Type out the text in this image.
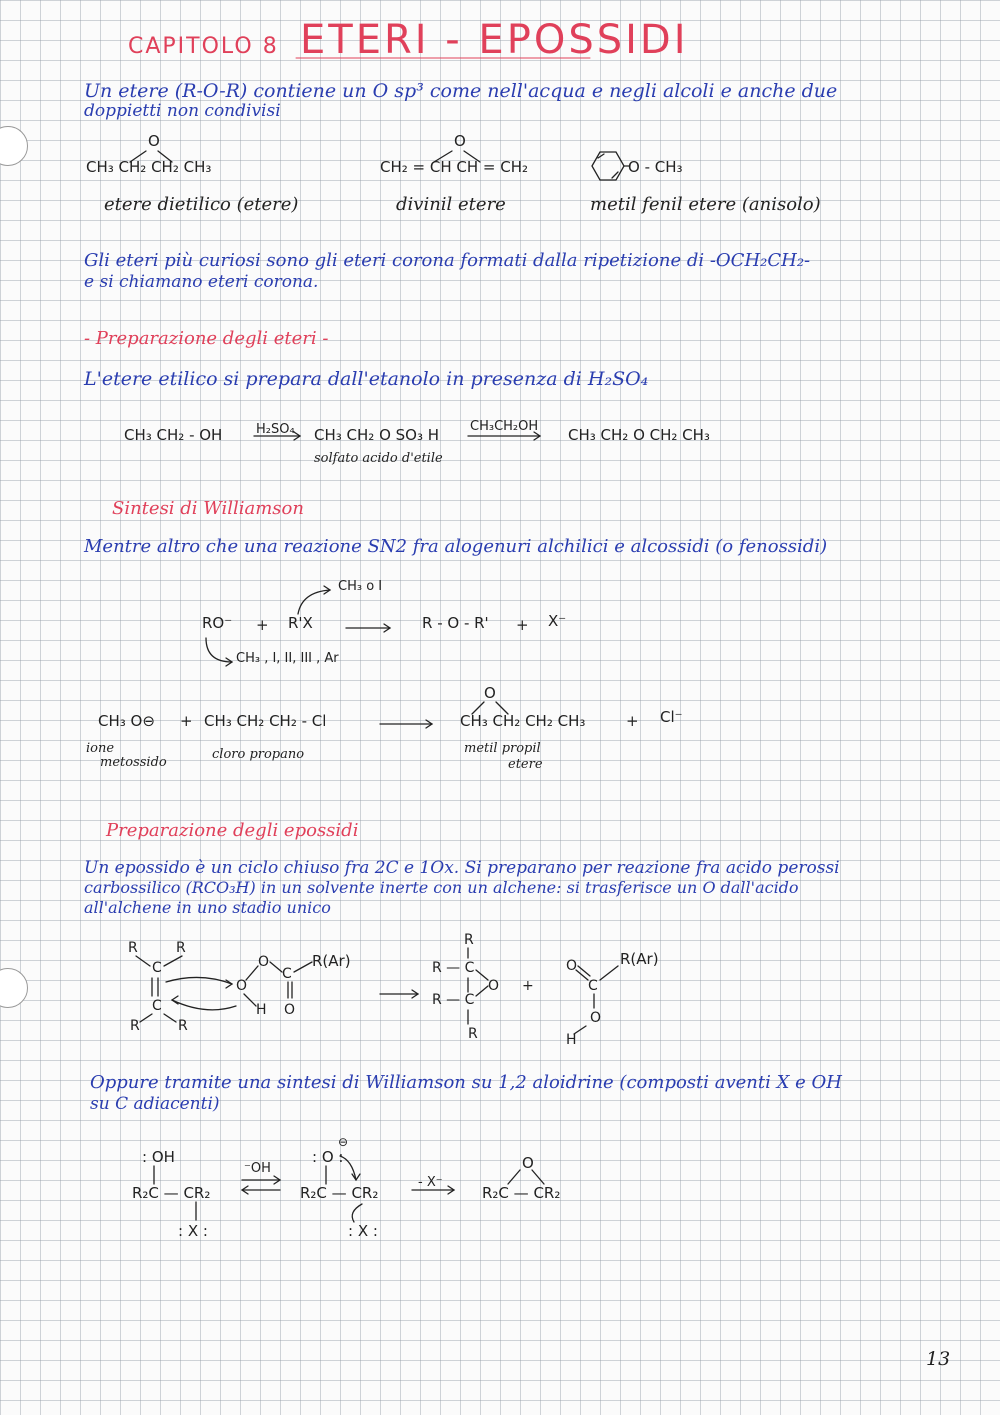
CAPITOLO 8 ETERI - EPOSSIDI
Un etere (R-O-R) contiene un O sp³ come nell'acqua e negli alcoli e anche due
doppietti non condivisi
O
CH₃ CH₂ CH₂ CH₃
etere dietilico (etere)
O
CH₂ = CH CH = CH₂
divinil etere
O - CH₃
metil fenil etere (anisolo)
Gli eteri più curiosi sono gli eteri corona formati dalla ripetizione di -OCH₂CH₂-
e si chiamano eteri corona.
- Preparazione degli eteri -
L'etere etilico si prepara dall'etanolo in presenza di H₂SO₄
CH₃ CH₂ - OH	H₂SO₄ CH₃ CH₂ O SO₃ H
solfato acido d'etile
CH₃CH₂OH CH₃ CH₂ O CH₂ CH₃
Sintesi di Williamson
Mentre altro che una reazione SN2 fra alogenuri alchilici e alcossidi (o fenossidi)
CH₃ o I
RO⁻ + R'X	R - O - R' + X⁻
CH₃ , I, II, III , Ar
CH₃ O⊖ + CH₃ CH₂ CH₂ - Cl
O
CH₃ CH₂ CH₂ CH₃	+ Cl⁻
ione
metossido
cloro propano	metil propil
etere
Preparazione degli epossidi
Un epossido è un ciclo chiuso fra 2C e 1Ox. Si preparano per reazione fra acido perossi
carbossilico (RCO₃H) in un solvente inerte con un alchene: si trasferisce un O dall'acido
all'alchene in uno stadio unico
R(Ar)	R(Ar)
Oppure tramite una sintesi di Williamson su 1,2 aloidrine (composti aventi X e OH
su C adiacenti)
: OH
R₂C — CR₂
: X :
⁻OH
: O :
R₂C — CR₂
: X :
- X⁻
O
R₂C — CR₂
13
R	R
C
C
R	R
O
O
C
O
H
R
R — C
R — C
R
O +
O
C
O
H
⊖
